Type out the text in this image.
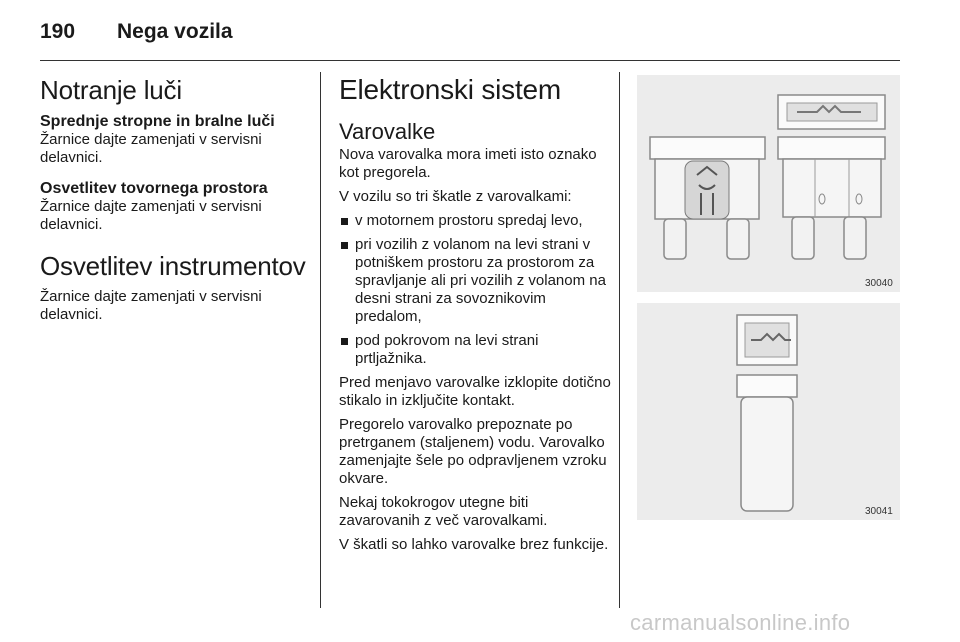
190 Nega vozila
Notranje luči
Sprednje stropne in bralne luči

Žarnice dajte zamenjati v servisni delavnici.

Osvetlitev tovornega prostora

Žarnice dajte zamenjati v servisni delavnici.

Osvetlitev instrumentov

Žarnice dajte zamenjati v servisni delavnici.

Elektronski sistem
Varovalke

Nova varovalka mora imeti isto oznako kot pregorela.

V vozilu so tri škatle z varovalkami:

v motornem prostoru spredaj levo,
pri vozilih z volanom na levi strani v potniškem prostoru za prostorom za spravljanje ali pri vozilih z volanom na desni strani za sovoznikovim predalom,
pod pokrovom na levi strani prtljažnika.

Pred menjavo varovalke izklopite dotično stikalo in izključite kontakt.

Pregorelo varovalko prepoznate po pretrganem (staljenem) vodu. Varovalko zamenjajte šele po odpravljenem vzroku okvare.

Nekaj tokokrogov utegne biti zavarovanih z več varovalkami.

V škatli so lahko varovalke brez funkcije.

30040
30041
carmanualsonline.info
